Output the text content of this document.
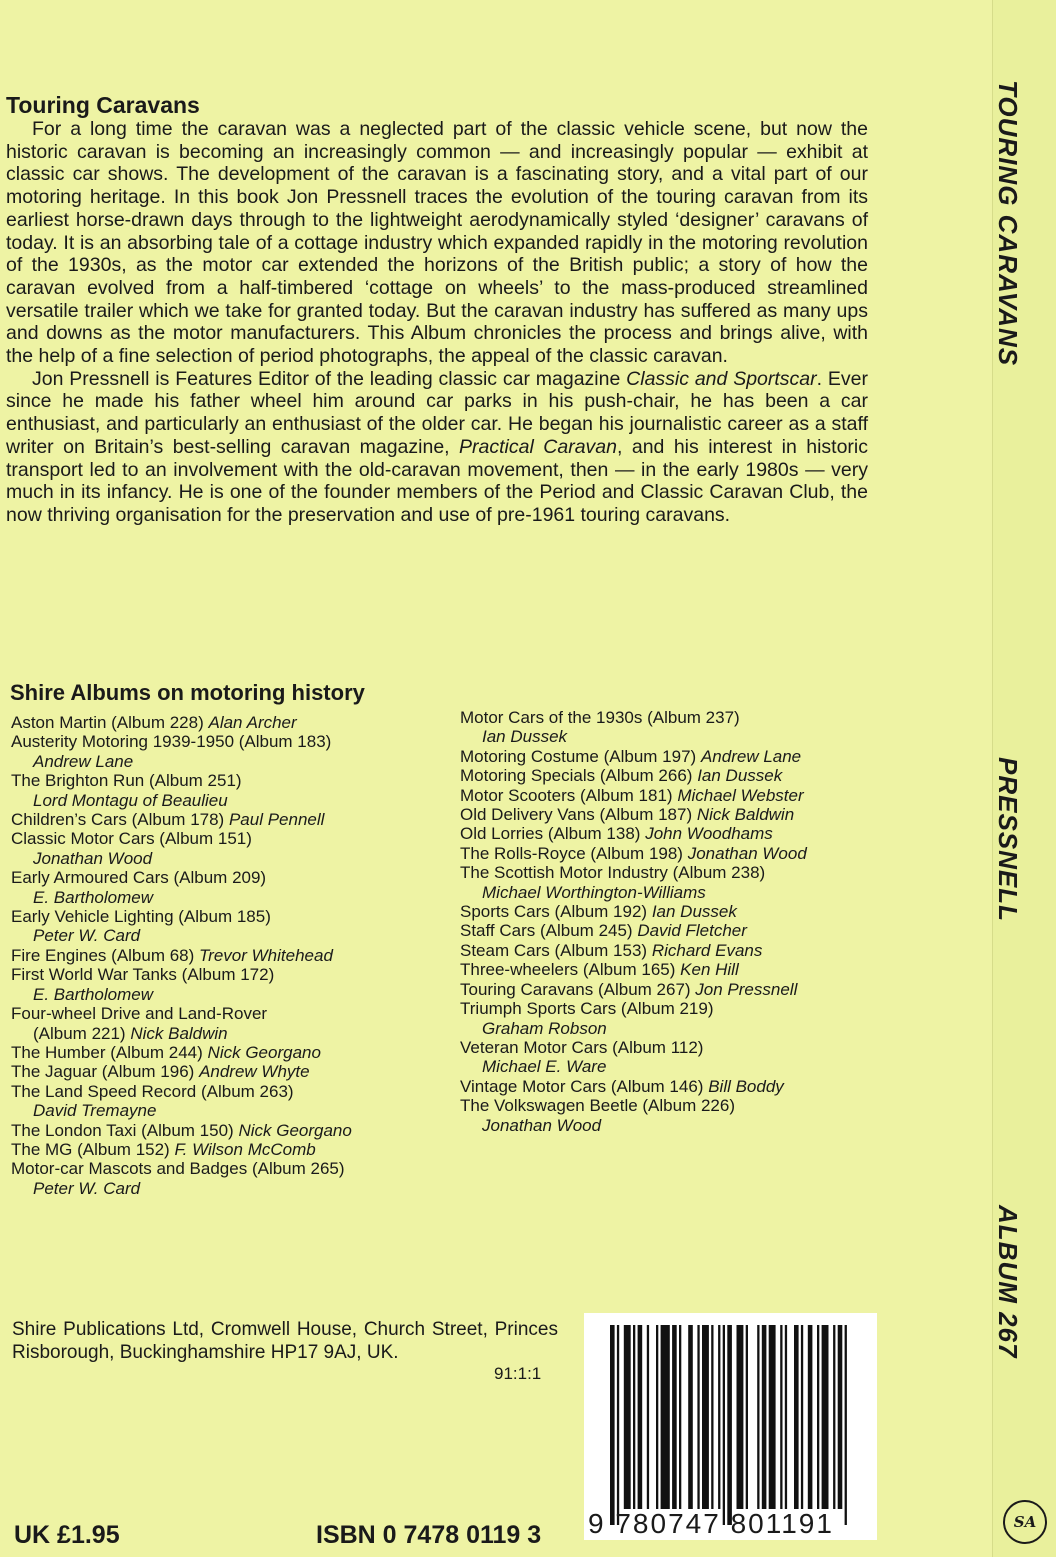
TOURING CARAVANS
PRESSNELL
ALBUM 267
SA
Touring Caravans

For a long time the caravan was a neglected part of the classic vehicle scene, but now the historic caravan is becoming an increasingly common — and increasingly popular — exhibit at classic car shows. The development of the caravan is a fascinating story, and a vital part of our motoring heritage. In this book Jon Pressnell traces the evolution of the touring caravan from its earliest horse-drawn days through to the lightweight aerodynamically styled ‘designer’ caravans of today. It is an absorbing tale of a cottage industry which expanded rapidly in the motoring revolution of the 1930s, as the motor car extended the horizons of the British public; a story of how the caravan evolved from a half-timbered ‘cottage on wheels’ to the mass-produced streamlined versatile trailer which we take for granted today. But the caravan industry has suffered as many ups and downs as the motor manufacturers. This Album chronicles the process and brings alive, with the help of a fine selection of period photographs, the appeal of the classic caravan.

Jon Pressnell is Features Editor of the leading classic car magazine Classic and Sportscar. Ever since he made his father wheel him around car parks in his push-chair, he has been a car enthusiast, and particularly an enthusiast of the older car. He began his journalistic career as a staff writer on Britain’s best-selling caravan magazine, Practical Caravan, and his interest in historic transport led to an involvement with the old-caravan movement, then — in the early 1980s — very much in its infancy. He is one of the founder members of the Period and Classic Caravan Club, the now thriving organisation for the preservation and use of pre-1961 touring caravans.

Shire Albums on motoring history
Aston Martin (Album 228) Alan Archer
Austerity Motoring 1939-1950 (Album 183)
Andrew Lane
The Brighton Run (Album 251)
Lord Montagu of Beaulieu
Children’s Cars (Album 178) Paul Pennell
Classic Motor Cars (Album 151)
Jonathan Wood
Early Armoured Cars (Album 209)
E. Bartholomew
Early Vehicle Lighting (Album 185)
Peter W. Card
Fire Engines (Album 68) Trevor Whitehead
First World War Tanks (Album 172)
E. Bartholomew
Four-wheel Drive and Land-Rover
(Album 221) Nick Baldwin
The Humber (Album 244) Nick Georgano
The Jaguar (Album 196) Andrew Whyte
The Land Speed Record (Album 263)
David Tremayne
The London Taxi (Album 150) Nick Georgano
The MG (Album 152) F. Wilson McComb
Motor-car Mascots and Badges (Album 265)
Peter W. Card
Motor Cars of the 1930s (Album 237)
Ian Dussek
Motoring Costume (Album 197) Andrew Lane
Motoring Specials (Album 266) Ian Dussek
Motor Scooters (Album 181) Michael Webster
Old Delivery Vans (Album 187) Nick Baldwin
Old Lorries (Album 138) John Woodhams
The Rolls-Royce (Album 198) Jonathan Wood
The Scottish Motor Industry (Album 238)
Michael Worthington-Williams
Sports Cars (Album 192) Ian Dussek
Staff Cars (Album 245) David Fletcher
Steam Cars (Album 153) Richard Evans
Three-wheelers (Album 165) Ken Hill
Touring Caravans (Album 267) Jon Pressnell
Triumph Sports Cars (Album 219)
Graham Robson
Veteran Motor Cars (Album 112)
Michael E. Ware
Vintage Motor Cars (Album 146) Bill Boddy
The Volkswagen Beetle (Album 226)
Jonathan Wood

Shire Publications Ltd, Cromwell House, Church Street, Princes Risborough, Buckinghamshire HP17 9AJ, UK.

91:1:1
UK £1.95	ISBN 0 7478 0119 3 9 780747 801191
